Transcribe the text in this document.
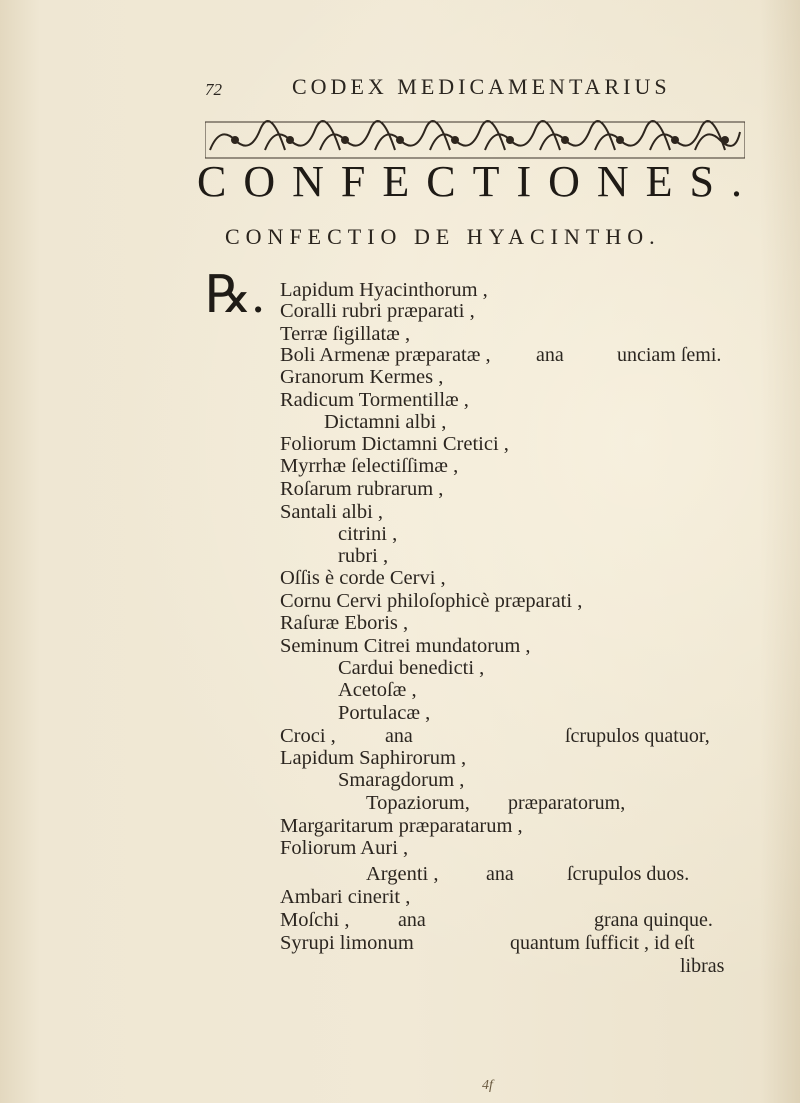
72	CODEX MEDICAMENTARIUS
CONFECTIONES.
CONFECTIO DE HYACINTHO.
℞. Lapidum Hyacinthorum ,
Coralli rubri præparati ,
Terræ ſigillatæ ,
Boli Armenæ præparatæ ,
Granorum Kermes ,
Radicum Tormentillæ ,
Dictamni albi ,
Foliorum Dictamni Cretici ,
Myrrhæ ſelectiſſimæ ,
Roſarum rubrarum ,
Santali albi ,
citrini ,
rubri ,
Oſſis è corde Cervi ,
Cornu Cervi philoſophicè præparati ,
Raſuræ Eboris ,
Seminum Citrei mundatorum ,
Cardui benedicti ,
Acetoſæ ,
Portulacæ ,
Croci ,
Lapidum Saphirorum ,
Smaragdorum ,
Topaziorum,
Margaritarum præparatarum ,
Foliorum Auri ,
Argenti ,
Ambari cinerit ,
Moſchi ,
Syrupi limonum
ana
ana
ana
ana
unciam ſemi.
ſcrupulos quatuor,
præparatorum,
ſcrupulos duos.
grana quinque.
quantum ſufficit , id eſt
libras
4f
